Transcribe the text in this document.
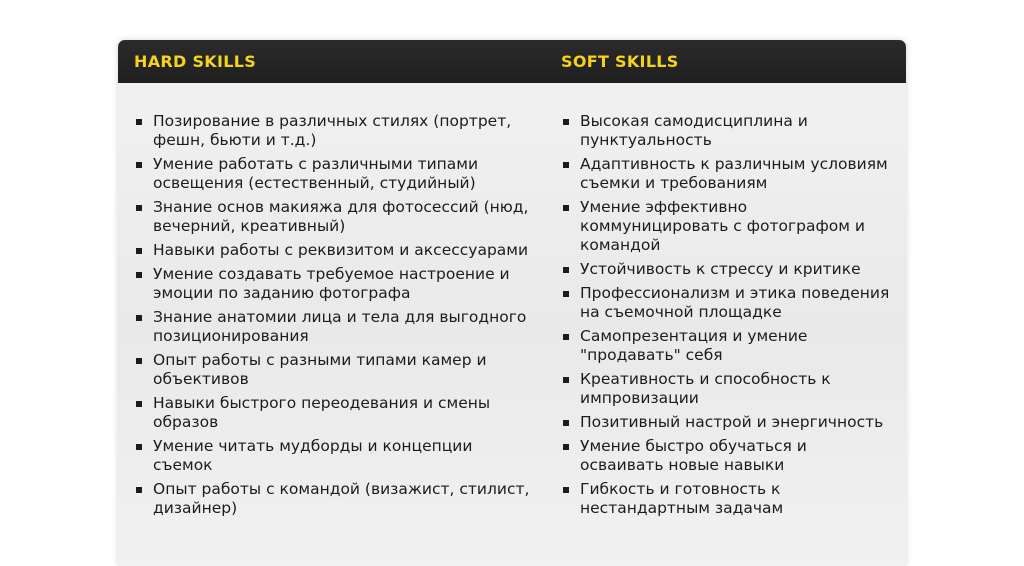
HARD SKILLS	SOFT SKILLS
Позирование в различных стилях (портрет, фешн, бьюти и т.д.)
Умение работать с различными типами освещения (естественный, студийный)
Знание основ макияжа для фотосессий (нюд, вечерний, креативный)
Навыки работы с реквизитом и аксессуарами
Умение создавать требуемое настроение и эмоции по заданию фотографа
Знание анатомии лица и тела для выгодного позиционирования
Опыт работы с разными типами камер и объективов
Навыки быстрого переодевания и смены образов
Умение читать мудборды и концепции съемок
Опыт работы с командой (визажист, стилист, дизайнер)
Высокая самодисциплина и пунктуальность
Адаптивность к различным условиям съемки и требованиям
Умение эффективно коммуницировать с фотографом и командой
Устойчивость к стрессу и критике
Профессионализм и этика поведения на съемочной площадке
Самопрезентация и умение "продавать" себя
Креативность и способность к импровизации
Позитивный настрой и энергичность
Умение быстро обучаться и осваивать новые навыки
Гибкость и готовность к нестандартным задачам
